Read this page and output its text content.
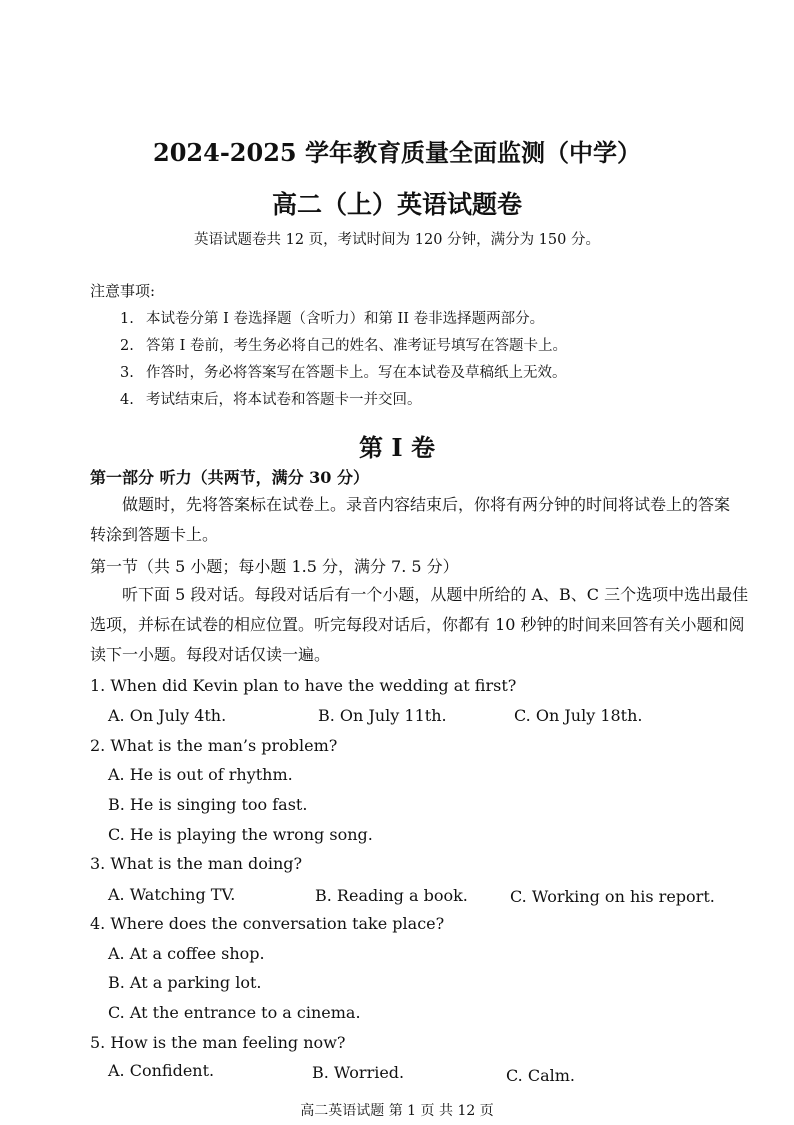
2024-2025 学年教育质量全面监测（中学）
高二（上）英语试题卷
英语试题卷共 12 页，考试时间为 120 分钟，满分为 150 分。
注意事项:
1. 本试卷分第 I 卷选择题（含听力）和第 II 卷非选择题两部分。
2. 答第 I 卷前，考生务必将自己的姓名、准考证号填写在答题卡上。
3. 作答时，务必将答案写在答题卡上。写在本试卷及草稿纸上无效。
4. 考试结束后，将本试卷和答题卡一并交回。
第 I 卷
第一部分 听力（共两节，满分 30 分）
做题时，先将答案标在试卷上。录音内容结束后，你将有两分钟的时间将试卷上的答案 转涂到答题卡上。
第一节（共 5 小题；每小题 1.5 分，满分 7. 5 分）
听下面 5 段对话。每段对话后有一个小题，从题中所给的 A、B、C 三个选项中选出最佳选项，并标在试卷的相应位置。听完每段对话后，你都有 10 秒钟的时间来回答有关小题和阅读下一小题。每段对话仅读一遍。
1. When did Kevin plan to have the wedding at first?
A. On July 4th.	B. On July 11th.	C. On July 18th.
2. What is the man’s problem?
A. He is out of rhythm.
B. He is singing too fast.
C. He is playing the wrong song.
3. What is the man doing?
A. Watching TV.	B. Reading a book.	C. Working on his report.
4. Where does the conversation take place?
A. At a coffee shop.
B. At a parking lot.
C. At the entrance to a cinema.
5. How is the man feeling now?
A. Confident.	B. Worried.	C. Calm.
高二英语试题 第 1 页 共 12 页
